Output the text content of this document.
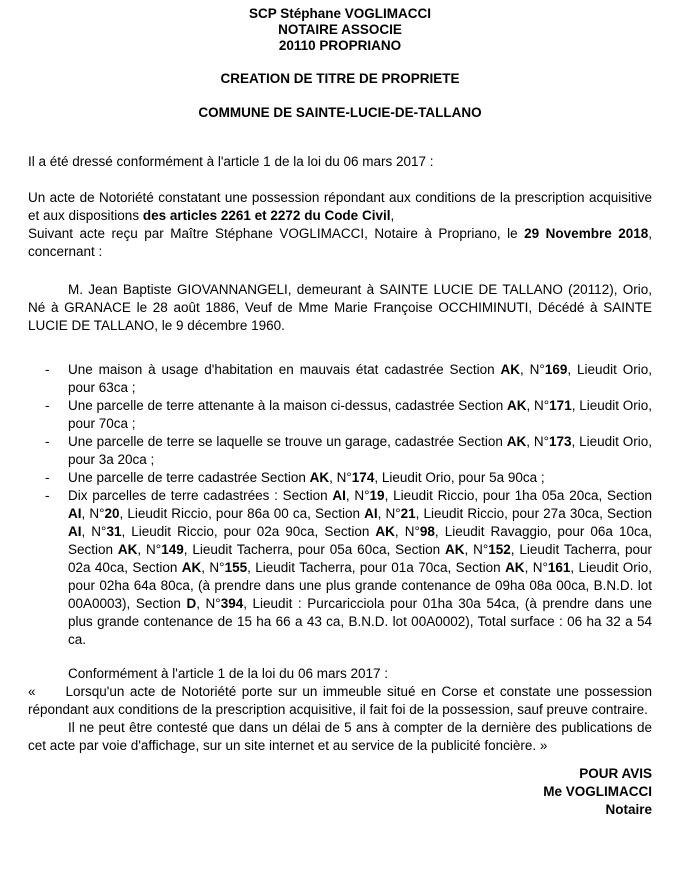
SCP Stéphane VOGLIMACCI
NOTAIRE ASSOCIE
20110 PROPRIANO
CREATION DE TITRE DE PROPRIETE
COMMUNE DE SAINTE-LUCIE-DE-TALLANO
Il a été dressé conformément à l'article 1 de la loi du 06 mars 2017 :
Un acte de Notoriété constatant une possession répondant aux conditions de la prescription acquisitive et aux dispositions des articles 2261 et 2272 du Code Civil,
Suivant acte reçu par Maître Stéphane VOGLIMACCI, Notaire à Propriano, le 29 Novembre 2018, concernant :
M. Jean Baptiste GIOVANNANGELI, demeurant à SAINTE LUCIE DE TALLANO (20112), Orio, Né à GRANACE le 28 août 1886, Veuf de Mme Marie Françoise OCCHIMINUTI, Décédé à SAINTE LUCIE DE TALLANO, le 9 décembre 1960.
- Une maison à usage d'habitation en mauvais état cadastrée Section AK, N°169, Lieudit Orio, pour 63ca ;
- Une parcelle de terre attenante à la maison ci-dessus, cadastrée Section AK, N°171, Lieudit Orio, pour 70ca ;
- Une parcelle de terre se laquelle se trouve un garage, cadastrée Section AK, N°173, Lieudit Orio, pour 3a 20ca ;
- Une parcelle de terre cadastrée Section AK, N°174, Lieudit Orio, pour 5a 90ca ;
- Dix parcelles de terre cadastrées : Section AI, N°19, Lieudit Riccio, pour 1ha 05a 20ca, Section AI, N°20, Lieudit Riccio, pour 86a 00 ca, Section AI, N°21, Lieudit Riccio, pour 27a 30ca, Section AI, N°31, Lieudit Riccio, pour 02a 90ca, Section AK, N°98, Lieudit Ravaggio, pour 06a 10ca, Section AK, N°149, Lieudit Tacherra, pour 05a 60ca, Section AK, N°152, Lieudit Tacherra, pour 02a 40ca, Section AK, N°155, Lieudit Tacherra, pour 01a 70ca, Section AK, N°161, Lieudit Orio, pour 02ha 64a 80ca, (à prendre dans une plus grande contenance de 09ha 08a 00ca, B.N.D. lot 00A0003), Section D, N°394, Lieudit : Purcaricciola pour 01ha 30a 54ca, (à prendre dans une plus grande contenance de 15 ha 66 a 43 ca, B.N.D. lot 00A0002), Total surface : 06 ha 32 a 54 ca.
Conformément à l'article 1 de la loi du 06 mars 2017 :
« Lorsqu'un acte de Notoriété porte sur un immeuble situé en Corse et constate une possession répondant aux conditions de la prescription acquisitive, il fait foi de la possession, sauf preuve contraire.
Il ne peut être contesté que dans un délai de 5 ans à compter de la dernière des publications de cet acte par voie d'affichage, sur un site internet et au service de la publicité foncière. »
POUR AVIS
Me VOGLIMACCI
Notaire
